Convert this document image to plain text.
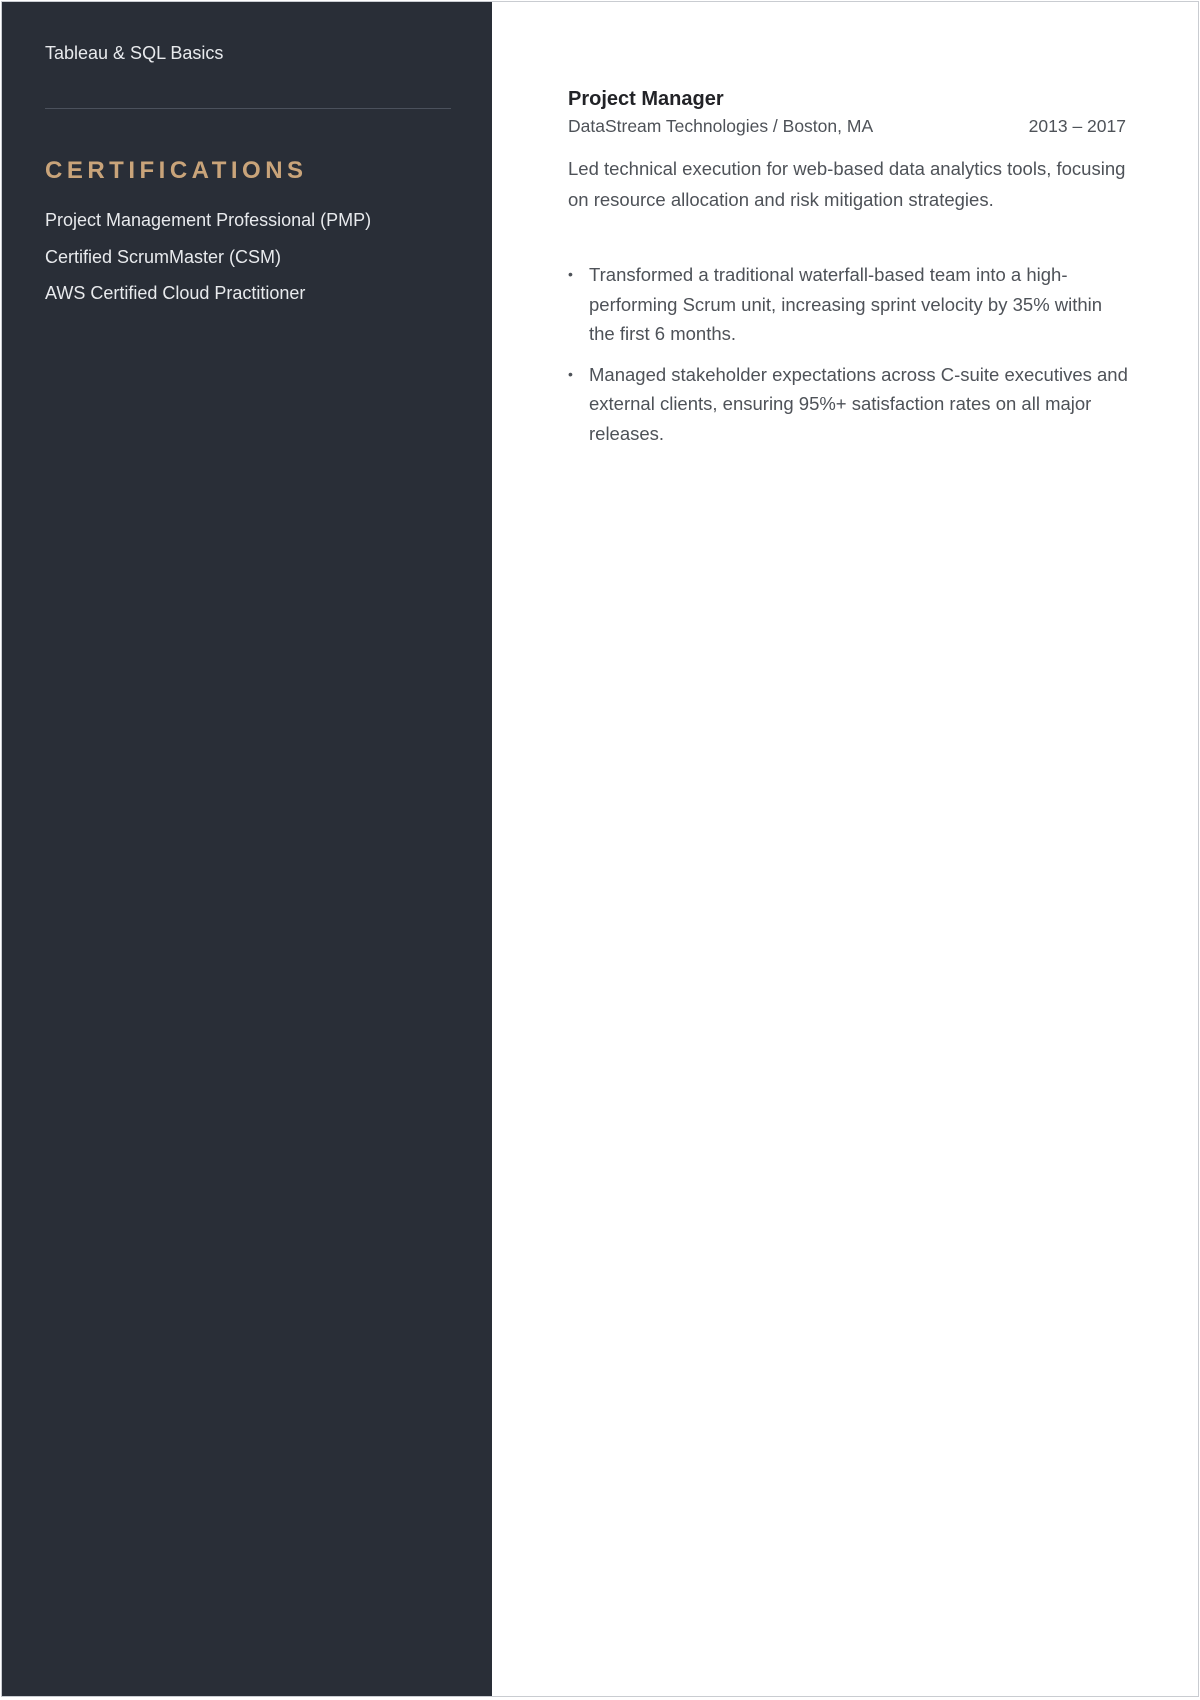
Tableau & SQL Basics
CERTIFICATIONS
Project Management Professional (PMP)
Certified ScrumMaster (CSM)
AWS Certified Cloud Practitioner
Project Manager
DataStream Technologies / Boston, MA	2013 – 2017

Led technical execution for web-based data analytics tools, focusing on resource allocation and risk mitigation strategies.

• Transformed a traditional waterfall-based team into a high-performing Scrum unit, increasing sprint velocity by 35% within the first 6 months.
• Managed stakeholder expectations across C-suite executives and external clients, ensuring 95%+ satisfaction rates on all major releases.
